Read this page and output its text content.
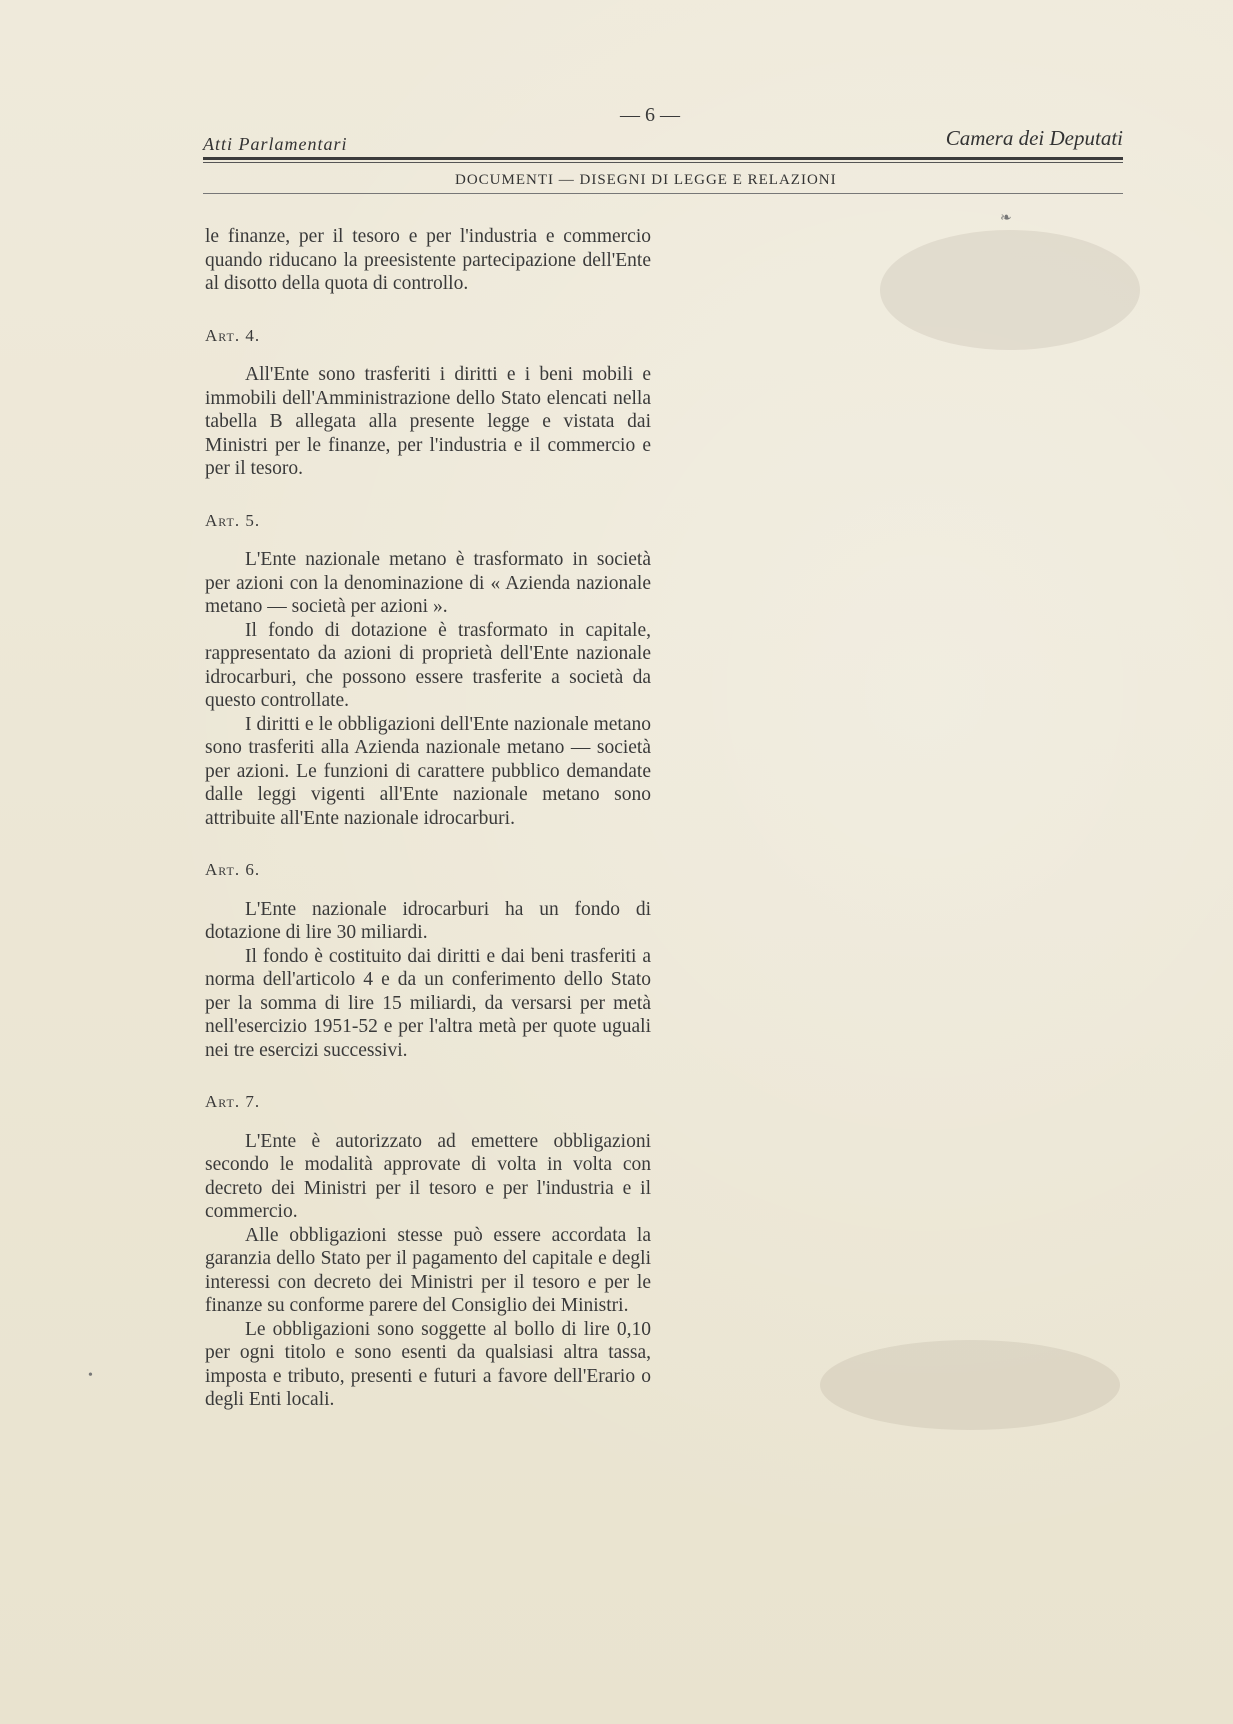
— 6 —
Atti Parlamentari	Camera dei Deputati
DOCUMENTI — DISEGNI DI LEGGE E RELAZIONI
❧
•

le finanze, per il tesoro e per l'industria e commercio quando riducano la preesistente partecipazione dell'Ente al disotto della quota di controllo.

Art. 4.

All'Ente sono trasferiti i diritti e i beni mobili e immobili dell'Amministrazione dello Stato elencati nella tabella B allegata alla presente legge e vistata dai Ministri per le finanze, per l'industria e il commercio e per il tesoro.

Art. 5.

L'Ente nazionale metano è trasformato in società per azioni con la denominazione di « Azienda nazionale metano — società per azioni ».

Il fondo di dotazione è trasformato in capitale, rappresentato da azioni di proprietà dell'Ente nazionale idrocarburi, che possono essere trasferite a società da questo controllate.

I diritti e le obbligazioni dell'Ente nazionale metano sono trasferiti alla Azienda nazionale metano — società per azioni. Le funzioni di carattere pubblico demandate dalle leggi vigenti all'Ente nazionale metano sono attribuite all'Ente nazionale idrocarburi.

Art. 6.

L'Ente nazionale idrocarburi ha un fondo di dotazione di lire 30 miliardi.

Il fondo è costituito dai diritti e dai beni trasferiti a norma dell'articolo 4 e da un conferimento dello Stato per la somma di lire 15 miliardi, da versarsi per metà nell'esercizio 1951-52 e per l'altra metà per quote uguali nei tre esercizi successivi.

Art. 7.

L'Ente è autorizzato ad emettere obbligazioni secondo le modalità approvate di volta in volta con decreto dei Ministri per il tesoro e per l'industria e il commercio.

Alle obbligazioni stesse può essere accordata la garanzia dello Stato per il pagamento del capitale e degli interessi con decreto dei Ministri per il tesoro e per le finanze su conforme parere del Consiglio dei Ministri.

Le obbligazioni sono soggette al bollo di lire 0,10 per ogni titolo e sono esenti da qualsiasi altra tassa, imposta e tributo, presenti e futuri a favore dell'Erario o degli Enti locali.
